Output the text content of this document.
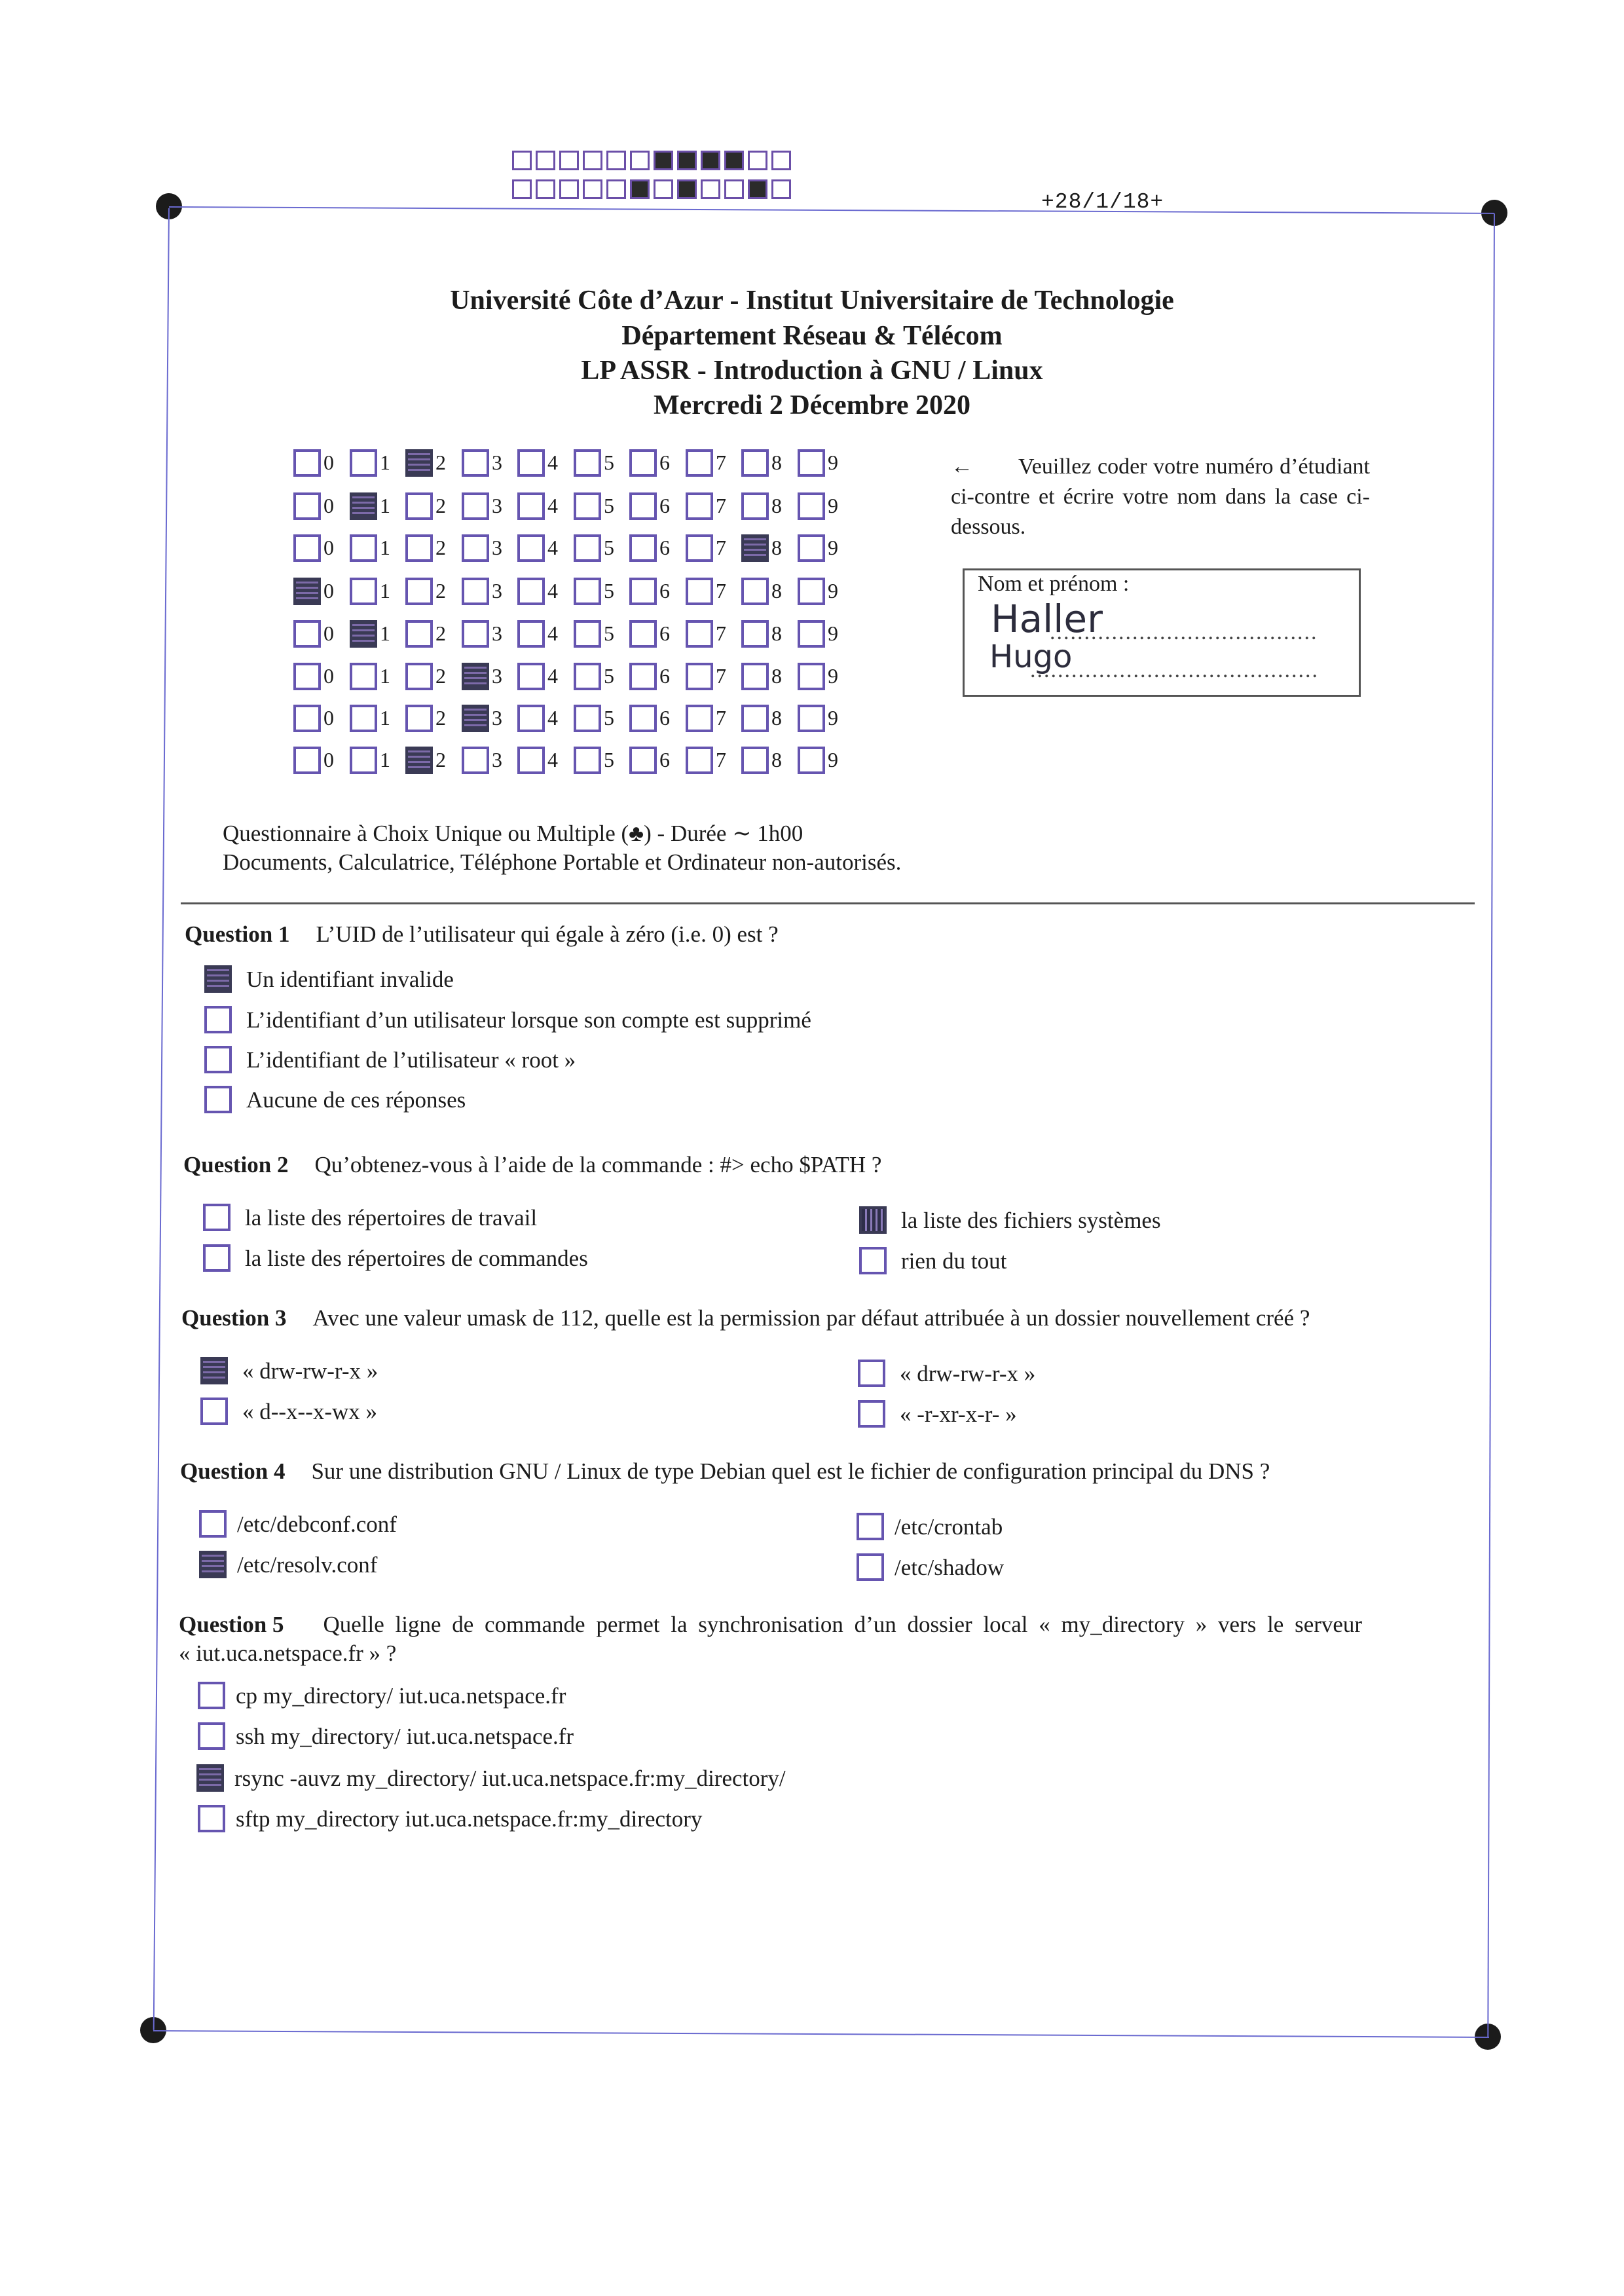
+28/1/18+
Université Côte d’Azur - Institut Universitaire de Technologie
Département Réseau & Télécom
LP ASSR - Introduction à GNU / Linux
Mercredi 2 Décembre 2020
0 1 2 3 4 5 6 7 8 9
0 1 2 3 4 5 6 7 8 9
0 1 2 3 4 5 6 7 8 9
0 1 2 3 4 5 6 7 8 9
0 1 2 3 4 5 6 7 8 9
0 1 2 3 4 5 6 7 8 9
0 1 2 3 4 5 6 7 8 9
0 1 2 3 4 5 6 7 8 9
← Veuillez coder votre numéro d’étudiant ci-contre et écrire votre nom dans la case ci-dessous.
Nom et prénom :
.......................................
..........................................
Haller
Hugo
Questionnaire à Choix Unique ou Multiple (♣) - Durée ∼ 1h00
Documents, Calculatrice, Téléphone Portable et Ordinateur non-autorisés.
Question 1 L’UID de l’utilisateur qui égale à zéro (i.e. 0) est ?
Un identifiant invalide
L’identifiant d’un utilisateur lorsque son compte est supprimé
L’identifiant de l’utilisateur « root »
Aucune de ces réponses
Question 2 Qu’obtenez-vous à l’aide de la commande : #> echo $PATH ?
la liste des répertoires de travail	la liste des fichiers systèmes
la liste des répertoires de commandes	rien du tout
Question 3 Avec une valeur umask de 112, quelle est la permission par défaut attribuée à un dossier nouvellement créé ?
« drw-rw-r-x »	« drw-rw-r-x »
« d--x--x-wx »	« -r-xr-x-r- »
Question 4 Sur une distribution GNU / Linux de type Debian quel est le fichier de configuration principal du DNS ?
/etc/debconf.conf	/etc/crontab
/etc/resolv.conf	/etc/shadow
Question 5 Quelle ligne de commande permet la synchronisation d’un dossier local « my_directory » vers le serveur
« iut.uca.netspace.fr » ?
cp my_directory/ iut.uca.netspace.fr
ssh my_directory/ iut.uca.netspace.fr
rsync -auvz my_directory/ iut.uca.netspace.fr:my_directory/
sftp my_directory iut.uca.netspace.fr:my_directory
